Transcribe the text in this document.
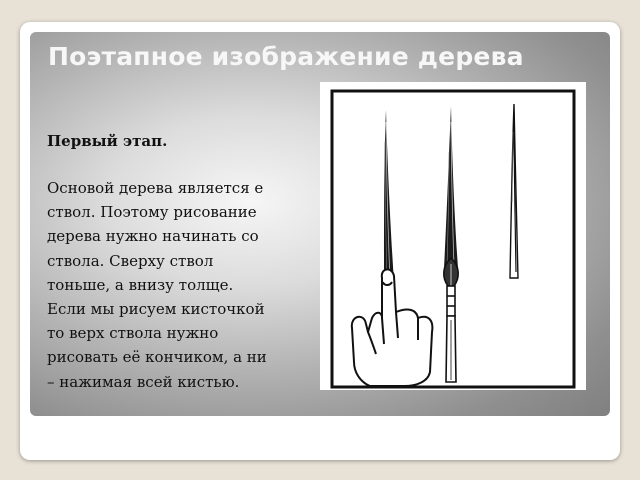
Поэтапное изображение дерева

Первый этап.

Основой дерева является е
ствол. Поэтому рисование
дерева нужно начинать со
ствола. Сверху ствол
тоньше, а внизу толще.
Если мы рисуем кисточкой
то верх ствола нужно
рисовать её кончиком, а ни
– нажимая всей кистью.
